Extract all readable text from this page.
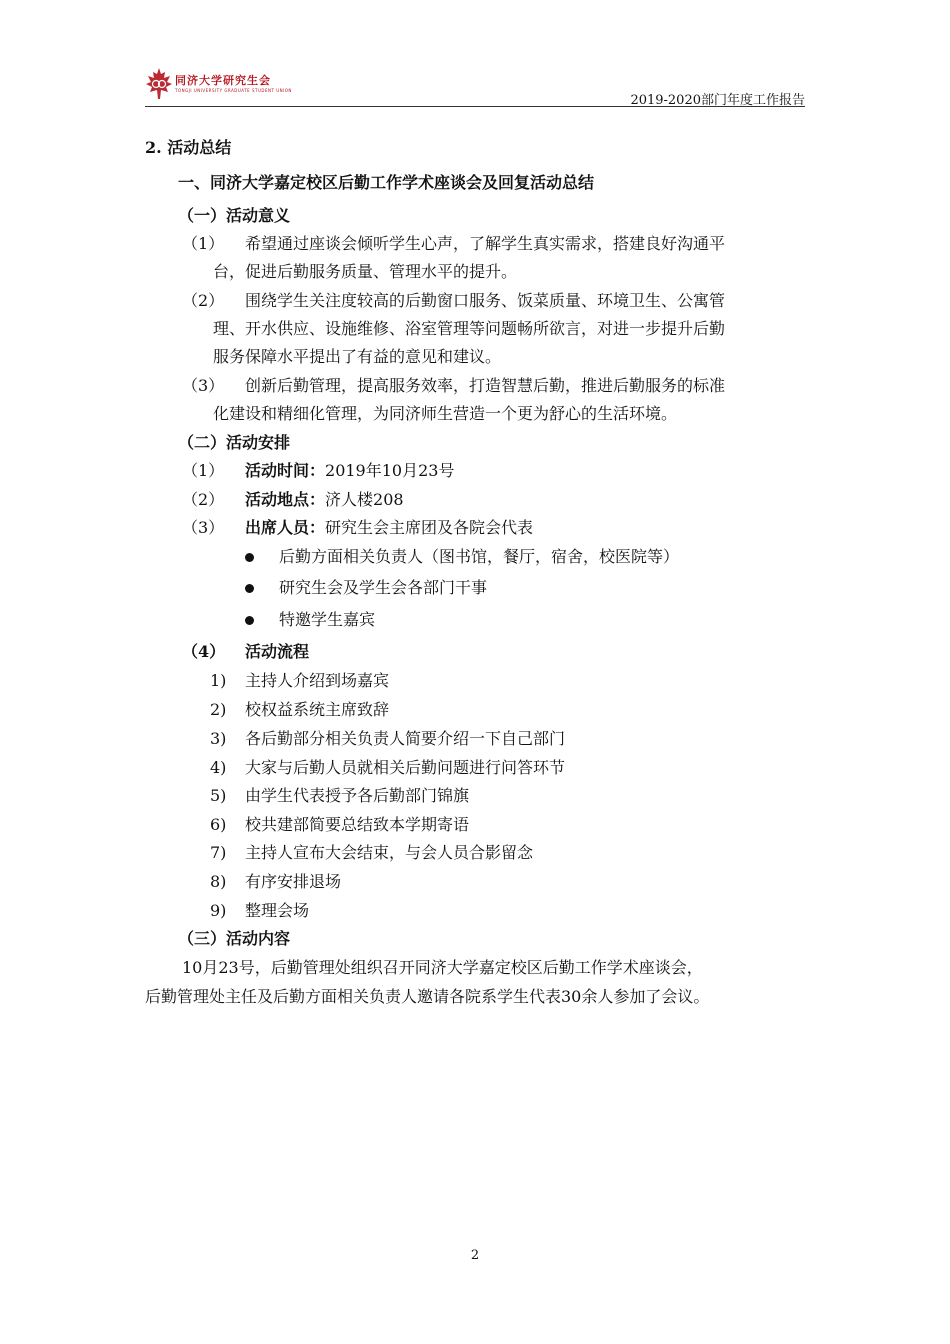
同济大学研究生会
TONGJI UNIVERSITY GRADUATE STUDENT UNION
2019-2020部门年度工作报告
2. 活动总结
一、同济大学嘉定校区后勤工作学术座谈会及回复活动总结
（一）活动意义
（1） 希望通过座谈会倾听学生心声，了解学生真实需求，搭建良好沟通平
台，促进后勤服务质量、管理水平的提升。
（2） 围绕学生关注度较高的后勤窗口服务、饭菜质量、环境卫生、公寓管
理、开水供应、设施维修、浴室管理等问题畅所欲言，对进一步提升后勤
服务保障水平提出了有益的意见和建议。
（3） 创新后勤管理，提高服务效率，打造智慧后勤，推进后勤服务的标准
化建设和精细化管理，为同济师生营造一个更为舒心的生活环境。
（二）活动安排
（1） 活动时间：2019年10月23号
（2） 活动地点：济人楼208
（3） 出席人员：研究生会主席团及各院会代表
后勤方面相关负责人（图书馆，餐厅，宿舍，校医院等）
研究生会及学生会各部门干事
特邀学生嘉宾
（4） 活动流程
1) 主持人介绍到场嘉宾
2) 校权益系统主席致辞
3) 各后勤部分相关负责人简要介绍一下自己部门
4) 大家与后勤人员就相关后勤问题进行问答环节
5) 由学生代表授予各后勤部门锦旗
6) 校共建部简要总结致本学期寄语
7) 主持人宣布大会结束，与会人员合影留念
8) 有序安排退场
9) 整理会场
（三）活动内容
10月23号，后勤管理处组织召开同济大学嘉定校区后勤工作学术座谈会，
后勤管理处主任及后勤方面相关负责人邀请各院系学生代表30余人参加了会议。
2
